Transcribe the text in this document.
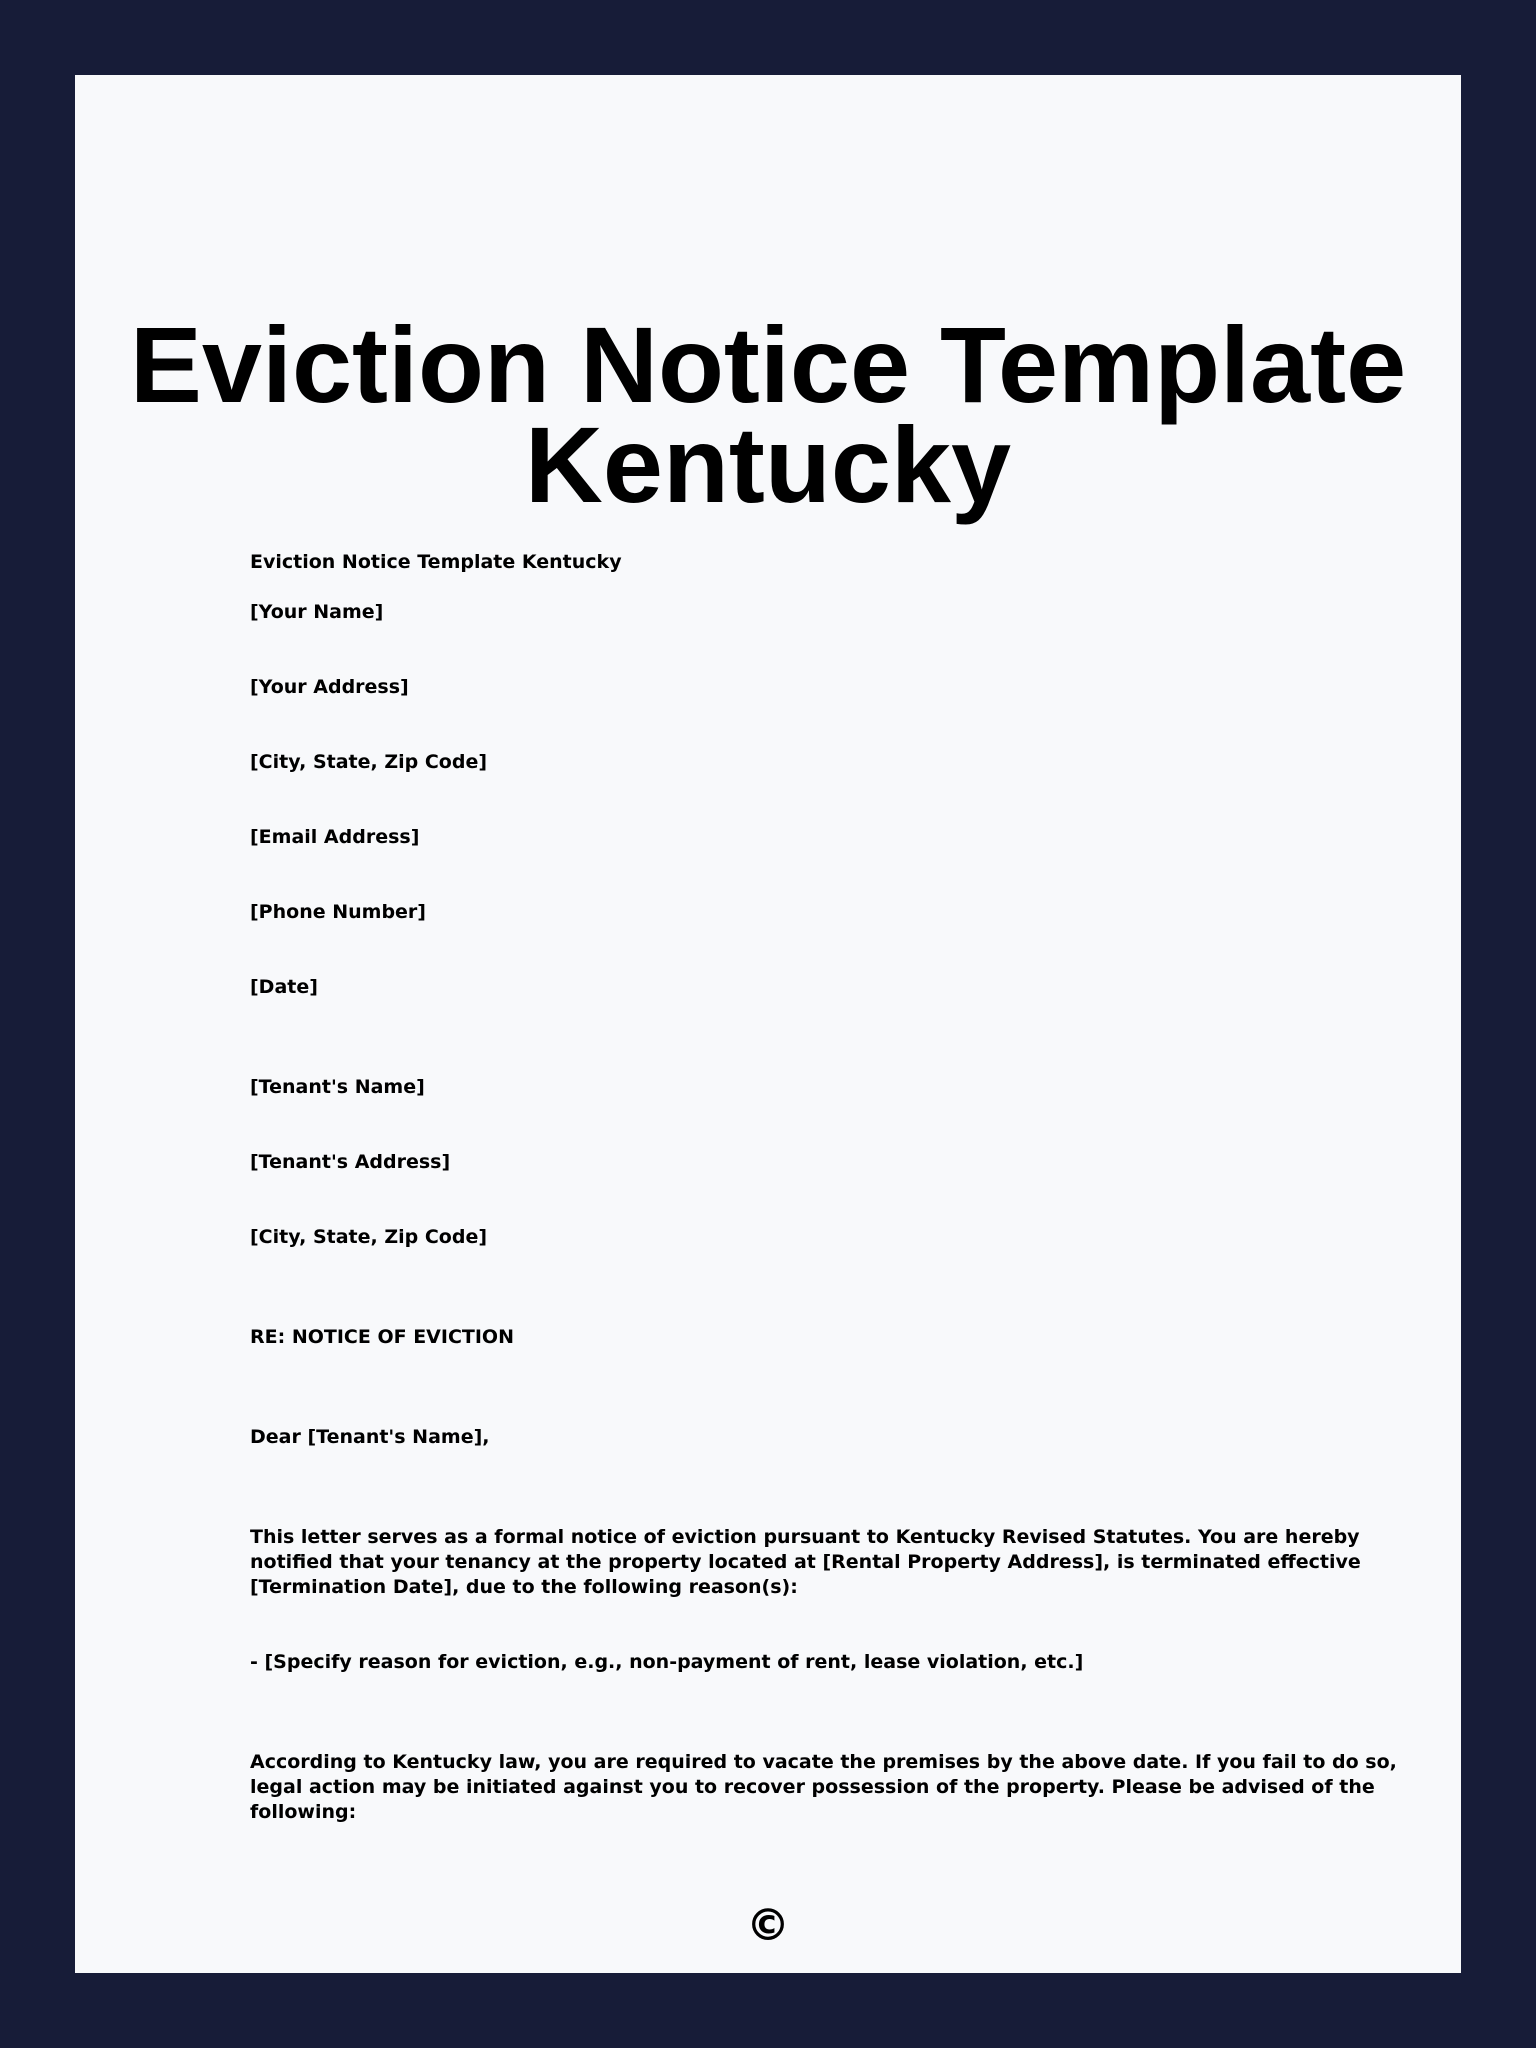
Eviction Notice Template
Kentucky
Eviction Notice Template Kentucky
[Your Name]
[Your Address]
[City, State, Zip Code]
[Email Address]
[Phone Number]
[Date]
[Tenant's Name]
[Tenant's Address]
[City, State, Zip Code]
RE: NOTICE OF EVICTION
Dear [Tenant's Name],
This letter serves as a formal notice of eviction pursuant to Kentucky Revised Statutes. You are hereby
notified that your tenancy at the property located at [Rental Property Address], is terminated effective
[Termination Date], due to the following reason(s):
- [Specify reason for eviction, e.g., non-payment of rent, lease violation, etc.]
According to Kentucky law, you are required to vacate the premises by the above date. If you fail to do so,
legal action may be initiated against you to recover possession of the property. Please be advised of the
following:
©
